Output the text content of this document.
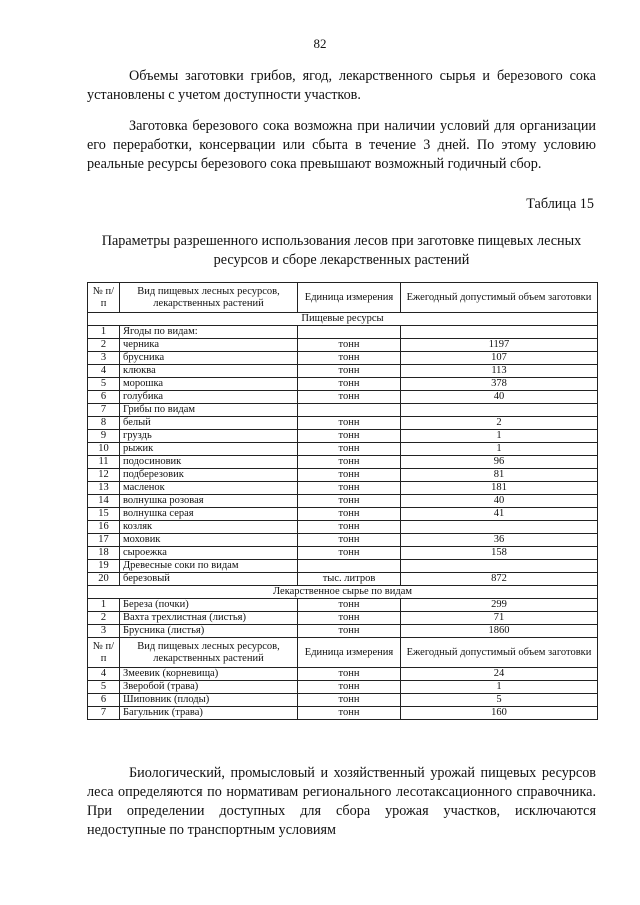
82

Объемы заготовки грибов, ягод, лекарственного сырья и березового сока установлены с учетом доступности участков.

Заготовка березового сока возможна при наличии условий для организации его переработки, консервации или сбыта в течение 3 дней. По этому условию реальные ресурсы березового сока превышают возможный годичный сбор.

Таблица 15

Параметры разрешенного использования лесов при заготовке пищевых лесных ресурсов и сборе лекарственных растений

№ п/п	Вид пищевых лесных ресурсов, лекарственных растений	Единица измерения	Ежегодный допустимый объем заготовки
Пищевые ресурсы			
1	Ягоды по видам:		
2	черника	тонн	1197
3	брусника	тонн	107
4	клюква	тонн	113
5	морошка	тонн	378
6	голубика	тонн	40
7	Грибы по видам		
8	белый	тонн	2
9	груздь	тонн	1
10	рыжик	тонн	1
11	подосиновик	тонн	96
12	подберезовик	тонн	81
13	масленок	тонн	181
14	волнушка розовая	тонн	40
15	волнушка серая	тонн	41
16	козляк	тонн	
17	моховик	тонн	36
18	сыроежка	тонн	158
19	Древесные соки по видам		
20	березовый	тыс. литров	872
Лекарственное сырье по видам			
1	Береза (почки)	тонн	299
2	Вахта трехлистная (листья)	тонн	71
3	Брусника (листья)	тонн	1860
№ п/п	Вид пищевых лесных ресурсов, лекарственных растений	Единица измерения	Ежегодный допустимый объем заготовки
4	Змеевик (корневища)	тонн	24
5	Зверобой (трава)	тонн	1
6	Шиповник (плоды)	тонн	5
7	Багульник (трава)	тонн	160

Биологический, промысловый и хозяйственный урожай пищевых ресурсов леса определяются по нормативам регионального лесотаксационного справочника. При определении доступных для сбора урожая участков, исключаются недоступные по транспортным условиям
